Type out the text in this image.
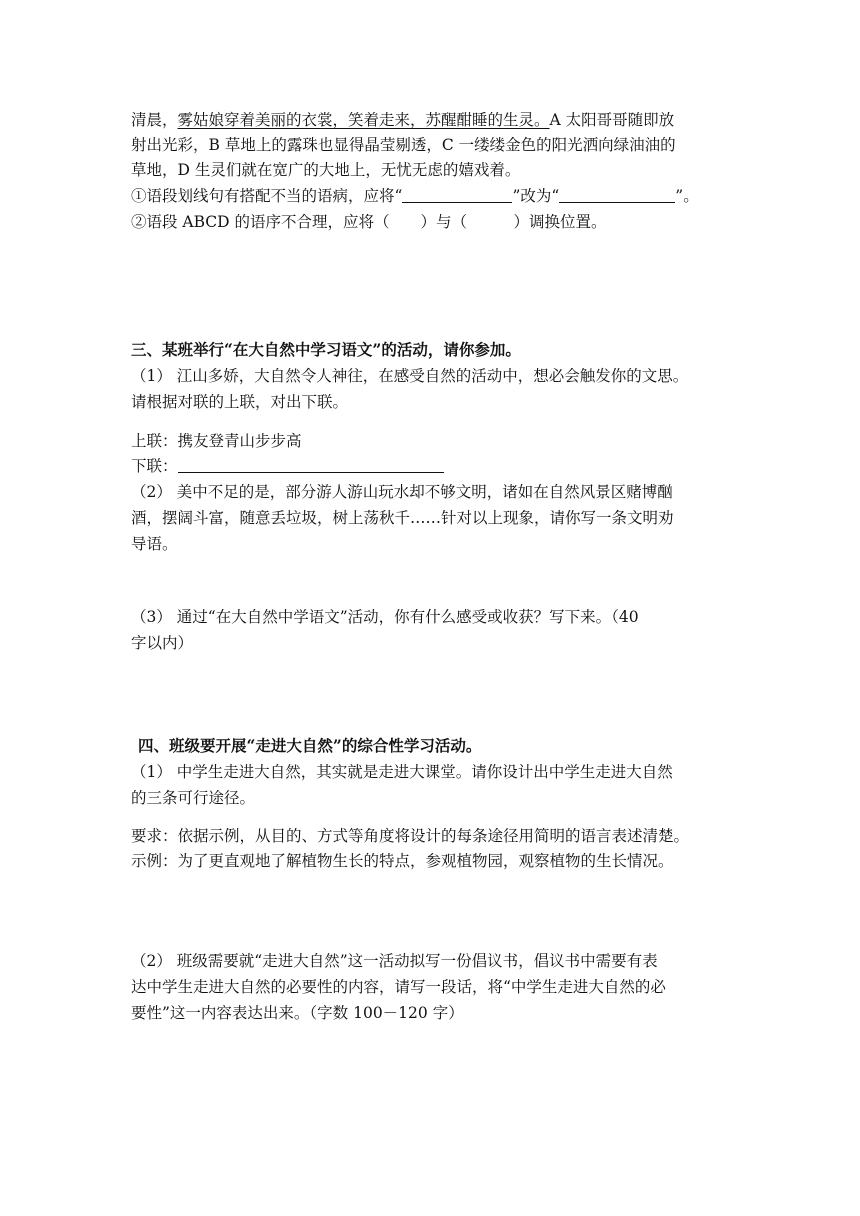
清晨，雾姑娘穿着美丽的衣裳，笑着走来，苏醒酣睡的生灵。A 太阳哥哥随即放
射出光彩，B 草地上的露珠也显得晶莹剔透，C 一缕缕金色的阳光洒向绿油油的
草地，D 生灵们就在宽广的大地上，无忧无虑的嬉戏着。
①语段划线句有搭配不当的语病，应将“	”改为“	”。
②语段 ABCD 的语序不合理，应将（　　）与（　　　）调换位置。
三、某班举行“在大自然中学习语文”的活动，请你参加。
（1） 江山多娇，大自然令人神往，在感受自然的活动中，想必会触发你的文思。
请根据对联的上联，对出下联。
上联：携友登青山步步高
下联：
（2） 美中不足的是，部分游人游山玩水却不够文明，诸如在自然风景区赌博酗
酒，摆阔斗富，随意丢垃圾，树上荡秋千……针对以上现象，请你写一条文明劝
导语。
（3） 通过“在大自然中学语文”活动，你有什么感受或收获？写下来。（40
字以内）
四、班级要开展“走进大自然”的综合性学习活动。
（1） 中学生走进大自然，其实就是走进大课堂。请你设计出中学生走进大自然
的三条可行途径。
要求：依据示例，从目的、方式等角度将设计的每条途径用简明的语言表述清楚。
示例：为了更直观地了解植物生长的特点，参观植物园，观察植物的生长情况。
（2） 班级需要就“走进大自然”这一活动拟写一份倡议书，倡议书中需要有表
达中学生走进大自然的必要性的内容，请写一段话，将“中学生走进大自然的必
要性”这一内容表达出来。（字数 100－120 字）
